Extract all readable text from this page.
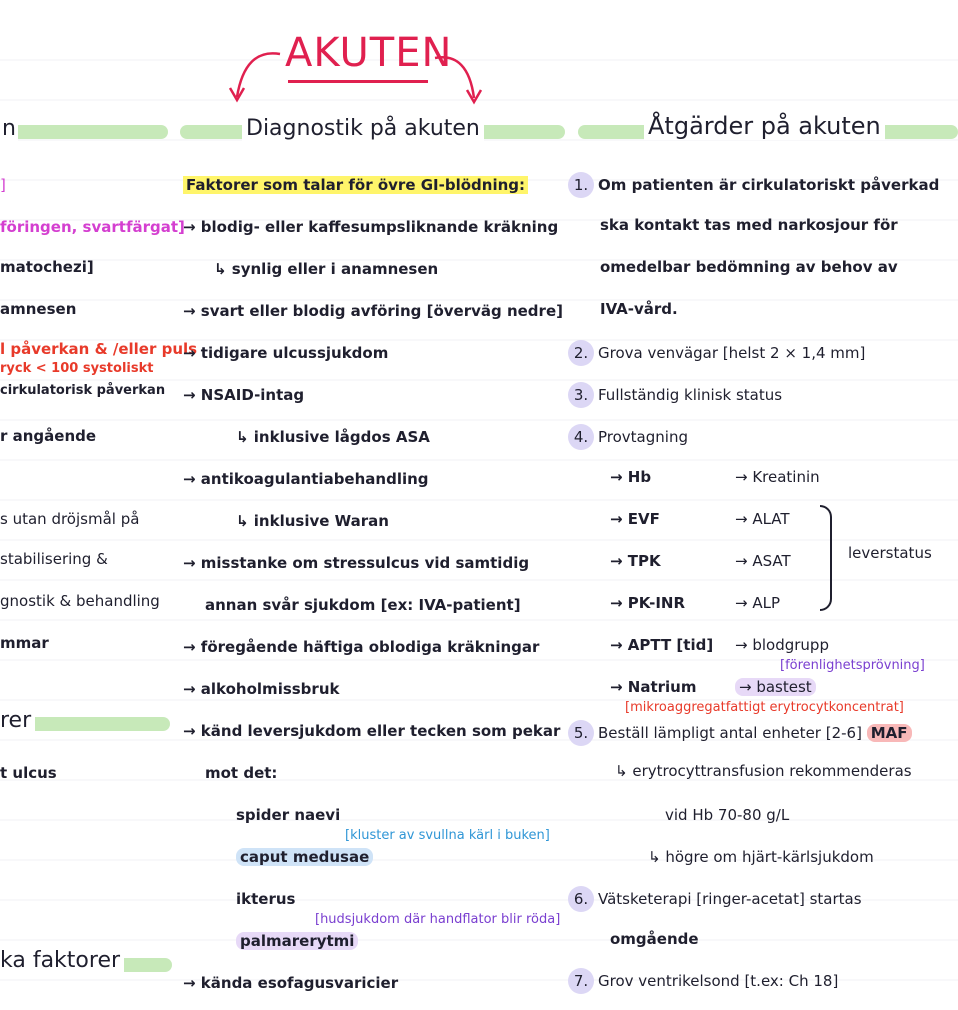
AKUTEN
n	Diagnostik på akuten	Åtgärder på akuten
]
föringen, svartfärgat]
matochezi]
amnesen
l påverkan & /eller puls
ryck < 100 systoliskt
cirkulatorisk påverkan
r angående
s utan dröjsmål på
stabilisering &
gnostik & behandling
mmar
rer
t ulcus
ka faktorer
Faktorer som talar för övre GI-blödning:
→ blodig- eller kaffesumpsliknande kräkning
↳ synlig eller i anamnesen
→ svart eller blodig avföring [överväg nedre]
→ tidigare ulcussjukdom
→ NSAID-intag
↳ inklusive lågdos ASA
→ antikoagulantiabehandling
↳ inklusive Waran
→ misstanke om stressulcus vid samtidig
annan svår sjukdom [ex: IVA-patient]
→ föregående häftiga oblodiga kräkningar
→ alkoholmissbruk
→ känd leversjukdom eller tecken som pekar
mot det:
spider naevi
[kluster av svullna kärl i buken]
caput medusae
ikterus
[hudsjukdom där handflator blir röda]
palmarerytmi
→ kända esofagusvaricier
1. Om patienten är cirkulatoriskt påverkad
ska kontakt tas med narkosjour för
omedelbar bedömning av behov av
IVA-vård.
2. Grova venvägar [helst 2 × 1,4 mm]
3. Fullständig klinisk status
4. Provtagning
→ Hb
→ EVF
→ TPK
→ PK-INR
→ APTT [tid]
→ Natrium
→ Kreatinin
→ ALAT
→ ASAT
→ ALP
→ blodgrupp
[förenlighetsprövning]
→ bastest
leverstatus
[mikroaggregatfattigt erytrocytkoncentrat]
5. Beställ lämpligt antal enheter [2-6] MAF
↳ erytrocyttransfusion rekommenderas
vid Hb 70-80 g/L
↳ högre om hjärt-kärlsjukdom
6. Vätsketerapi [ringer-acetat] startas
omgående
7. Grov ventrikelsond [t.ex: Ch 18]
